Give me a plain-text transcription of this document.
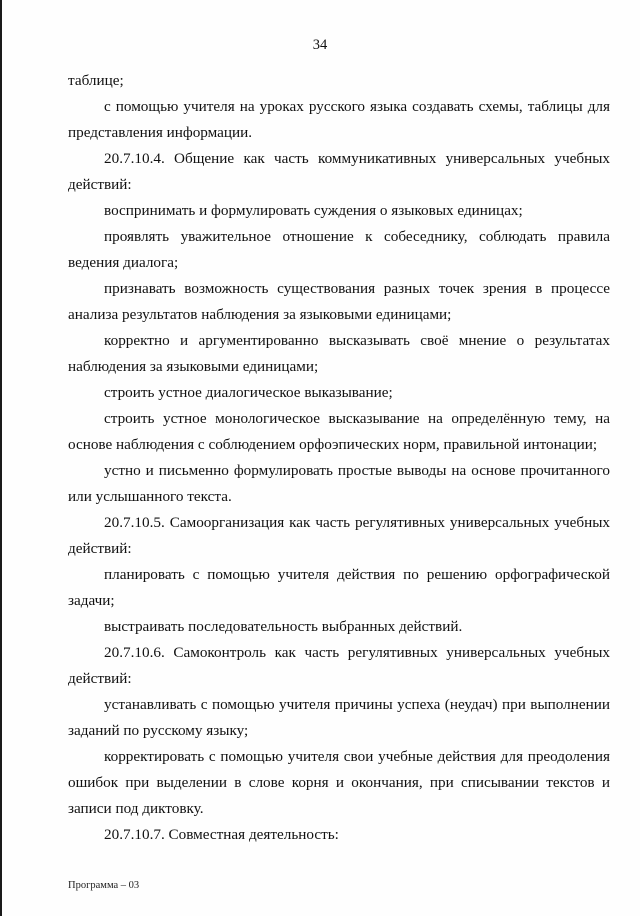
34

таблице;

с помощью учителя на уроках русского языка создавать схемы, таблицы для представления информации.

20.7.10.4. Общение как часть коммуникативных универсальных учебных действий:

воспринимать и формулировать суждения о языковых единицах;

проявлять уважительное отношение к собеседнику, соблюдать правила ведения диалога;

признавать возможность существования разных точек зрения в процессе анализа результатов наблюдения за языковыми единицами;

корректно и аргументированно высказывать своё мнение о результатах наблюдения за языковыми единицами;

строить устное диалогическое выказывание;

строить устное монологическое высказывание на определённую тему, на основе наблюдения с соблюдением орфоэпических норм, правильной интонации;

устно и письменно формулировать простые выводы на основе прочитанного или услышанного текста.

20.7.10.5. Самоорганизация как часть регулятивных универсальных учебных действий:

планировать с помощью учителя действия по решению орфографической задачи;

выстраивать последовательность выбранных действий.

20.7.10.6. Самоконтроль как часть регулятивных универсальных учебных действий:

устанавливать с помощью учителя причины успеха (неудач) при выполнении заданий по русскому языку;

корректировать с помощью учителя свои учебные действия для преодоления ошибок при выделении в слове корня и окончания, при списывании текстов и записи под диктовку.

20.7.10.7. Совместная деятельность:

Программа – 03
